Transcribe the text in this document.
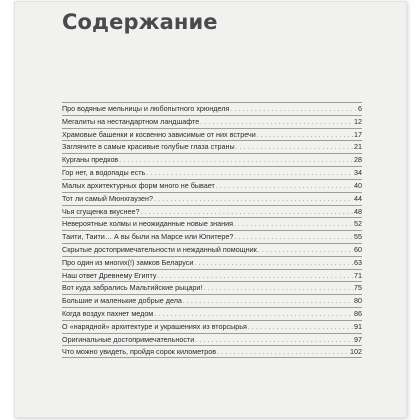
Содержание
Про водяные мельницы и любопытного хрюнделя . . .	6
Мегалиты на нестандартном ландшафте . . .	12
Храмовые башенки и косвенно зависимые от них встречи . . .	17
Загляните в самые красивые голубые глаза страны . . .	21
Курганы предков . . .	28
Гор нет, а водопады есть . . .	34
Малых архитектурных форм много не бывает . . .	40
Тот ли самый Мюнхгаузен? . . .	44
Чья сгущенка вкуснее? . . .	48
Невероятные холмы и неожиданные новые знания . . .	52
Таити, Таити… А вы были на Марсе или Юпитере? . . .	55
Скрытые достопримечательности и нежданный помощник . . .	60
Про один из многих(!) замков Беларуси . . .	63
Наш ответ Древнему Египту . . .	71
Вот куда забрались Мальтийские рыцари! . . .	75
Большие и маленькие добрые дела . . .	80
Когда воздух пахнет медом . . .	86
О «нарядной» архитектуре и украшениях из вторсырья . . .	91
Оригинальные достопримечательности . . .	97
Что можно увидеть, пройдя сорок километров . . .	102
